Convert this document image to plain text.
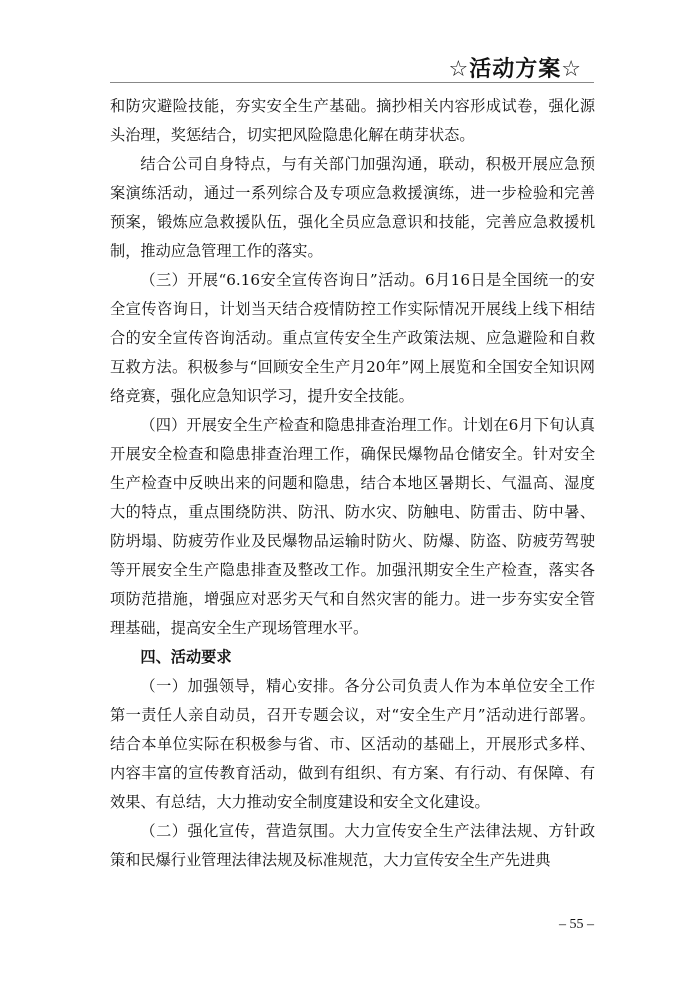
☆活动方案☆

和防灾避险技能，夯实安全生产基础。摘抄相关内容形成试卷，强化源头治理，奖惩结合，切实把风险隐患化解在萌芽状态。

结合公司自身特点，与有关部门加强沟通，联动，积极开展应急预案演练活动，通过一系列综合及专项应急救援演练，进一步检验和完善预案，锻炼应急救援队伍，强化全员应急意识和技能，完善应急救援机制，推动应急管理工作的落实。

（三）开展“6.16安全宣传咨询日”活动。6月16日是全国统一的安全宣传咨询日，计划当天结合疫情防控工作实际情况开展线上线下相结合的安全宣传咨询活动。重点宣传安全生产政策法规、应急避险和自救互救方法。积极参与“回顾安全生产月20年”网上展览和全国安全知识网络竞赛，强化应急知识学习，提升安全技能。

（四）开展安全生产检查和隐患排查治理工作。计划在6月下旬认真开展安全检查和隐患排查治理工作，确保民爆物品仓储安全。针对安全生产检查中反映出来的问题和隐患，结合本地区暑期长、气温高、湿度大的特点，重点围绕防洪、防汛、防水灾、防触电、防雷击、防中暑、防坍塌、防疲劳作业及民爆物品运输时防火、防爆、防盗、防疲劳驾驶等开展安全生产隐患排查及整改工作。加强汛期安全生产检查，落实各项防范措施，增强应对恶劣天气和自然灾害的能力。进一步夯实安全管理基础，提高安全生产现场管理水平。

四、活动要求

（一）加强领导，精心安排。各分公司负责人作为本单位安全工作第一责任人亲自动员，召开专题会议，对“安全生产月”活动进行部署。结合本单位实际在积极参与省、市、区活动的基础上，开展形式多样、内容丰富的宣传教育活动，做到有组织、有方案、有行动、有保障、有效果、有总结，大力推动安全制度建设和安全文化建设。

（二）强化宣传，营造氛围。大力宣传安全生产法律法规、方针政策和民爆行业管理法律法规及标准规范，大力宣传安全生产先进典

– 55 –
